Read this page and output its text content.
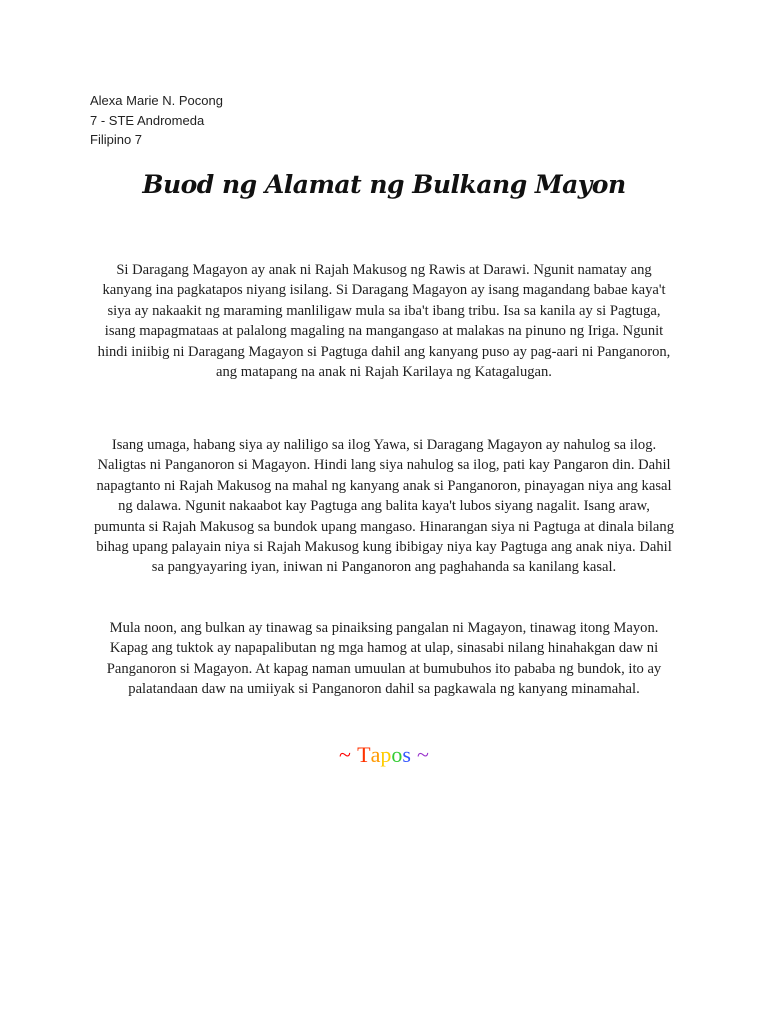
Alexa Marie N. Pocong
7 - STE Andromeda
Filipino 7
Buod ng Alamat ng Bulkang Mayon

Si Daragang Magayon ay anak ni Rajah Makusog ng Rawis at Darawi. Ngunit namatay ang kanyang ina pagkatapos niyang isilang. Si Daragang Magayon ay isang magandang babae kaya't siya ay nakaakit ng maraming manliligaw mula sa iba't ibang tribu. Isa sa kanila ay si Pagtuga, isang mapagmataas at palalong magaling na mangangaso at malakas na pinuno ng Iriga. Ngunit hindi iniibig ni Daragang Magayon si Pagtuga dahil ang kanyang puso ay pag-aari ni Panganoron, ang matapang na anak ni Rajah Karilaya ng Katagalugan.

Isang umaga, habang siya ay naliligo sa ilog Yawa, si Daragang Magayon ay nahulog sa ilog. Naligtas ni Panganoron si Magayon. Hindi lang siya nahulog sa ilog, pati kay Pangaron din. Dahil napagtanto ni Rajah Makusog na mahal ng kanyang anak si Panganoron, pinayagan niya ang kasal ng dalawa. Ngunit nakaabot kay Pagtuga ang balita kaya't lubos siyang nagalit. Isang araw, pumunta si Rajah Makusog sa bundok upang mangaso. Hinarangan siya ni Pagtuga at dinala bilang bihag upang palayain niya si Rajah Makusog kung ibibigay niya kay Pagtuga ang anak niya. Dahil sa pangyayaring iyan, iniwan ni Panganoron ang paghahanda sa kanilang kasal.

Mula noon, ang bulkan ay tinawag sa pinaiksing pangalan ni Magayon, tinawag itong Mayon. Kapag ang tuktok ay napapalibutan ng mga hamog at ulap, sinasabi nilang hinahakgan daw ni Panganoron si Magayon. At kapag naman umuulan at bumubuhos ito pababa ng bundok, ito ay palatandaan daw na umiiyak si Panganoron dahil sa pagkawala ng kanyang minamahal.

~ Tapos ~
